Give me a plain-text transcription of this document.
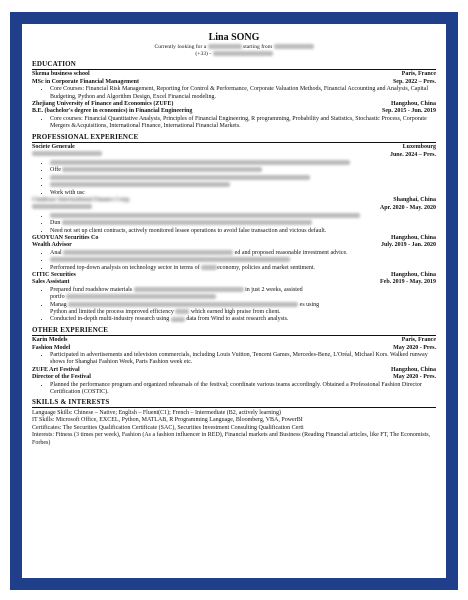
Lina SONG
Currently looking for a	starting from
(+33) -
EDUCATION
Skema business school	Paris, France
MSc in Corporate Financial Management	Sep. 2022 – Pres.
• Core Courses: Financial Risk Management, Reporting for Control & Performance, Corporate Valuation Methods, Financial Accounting and Analysis, Capital Budgeting, Python and Algorithm Design, Excel Financial modeling.
Zhejiang University of Finance and Economics (ZUFE)	Hangzhou, China
B.E. (bachelor's degree in economics) in Financial Engineering	Sep. 2015 - Jun. 2019
• Core courses: Financial Quantitative Analysis, Principles of Financial Engineering, R programming, Probability and Statistics, Stochastic Process, Corporate Mergers &Acquisitions, International Finance, International Financial Markets.
PROFESSIONAL EXPERIENCE
Societe Generale	Luxembourg
June. 2024 – Pres.
•
• Offe
•
•
• Work with usc
Chailease International Finance Corp.	Shanghai, China
Apr. 2020 - May. 2020
•
• Dun
• Need not set up client contracts, actively monitored lessee operations to avoid false transaction and vicious default.
GUOYUAN Securities Co	Hangzhou, China
Wealth Advisor	July. 2019 - Jan. 2020
• Anal	ed and proposed reasonable investment advice.
•
• Performed top-down analysis on technology sector in terms of	economy, policies and market sentiment.
CITIC Securities	Hangzhou, China
Sales Assistant	Feb. 2019 - May. 2019
• Prepared fund roadshow materials	in just 2 weeks, assisted
portfo
• Manag	es using
Python and limited the process improved efficiency	which earned high praise from client.
• Conducted in-depth multi-industry research using	data from Wind to assist research analysts.
OTHER EXPERIENCE
Karin Models	Paris, France
Fashion Model	May 2020 - Pres.
• Participated in advertisements and television commercials, including Louis Vuitton, Tencent Games, Mercedes-Benz, L'Oréal, Michael Kors. Walked runway shows for Shanghai Fashion Week, Paris Fashion week etc.
ZUFE Art Festival	Hangzhou, China
Director of the Festival	May 2020 - Pres.
• Planned the performance program and organized rehearsals of the festival; coordinate various teams accordingly. Obtained a Professional Fashion Director Certification (COSTIC).
SKILLS & INTERESTS
Language Skills: Chinese – Native; English – Fluent(C1); French – Intermediate (B2, actively learning)
IT Skills: Microsoft Office, EXCEL, Python, MATLAB, R Programming Language, Bloomberg, VBA, PowerBI
Certificates: The Securities Qualification Certificate (SAC), Securities Investment Consulting Qualification Certi
Interests: Fitness (3 times per week), Fashion (As a fashion influencer in RED), Financial markets and Business (Reading Financial articles, like FT, The Economists, Forbes)
